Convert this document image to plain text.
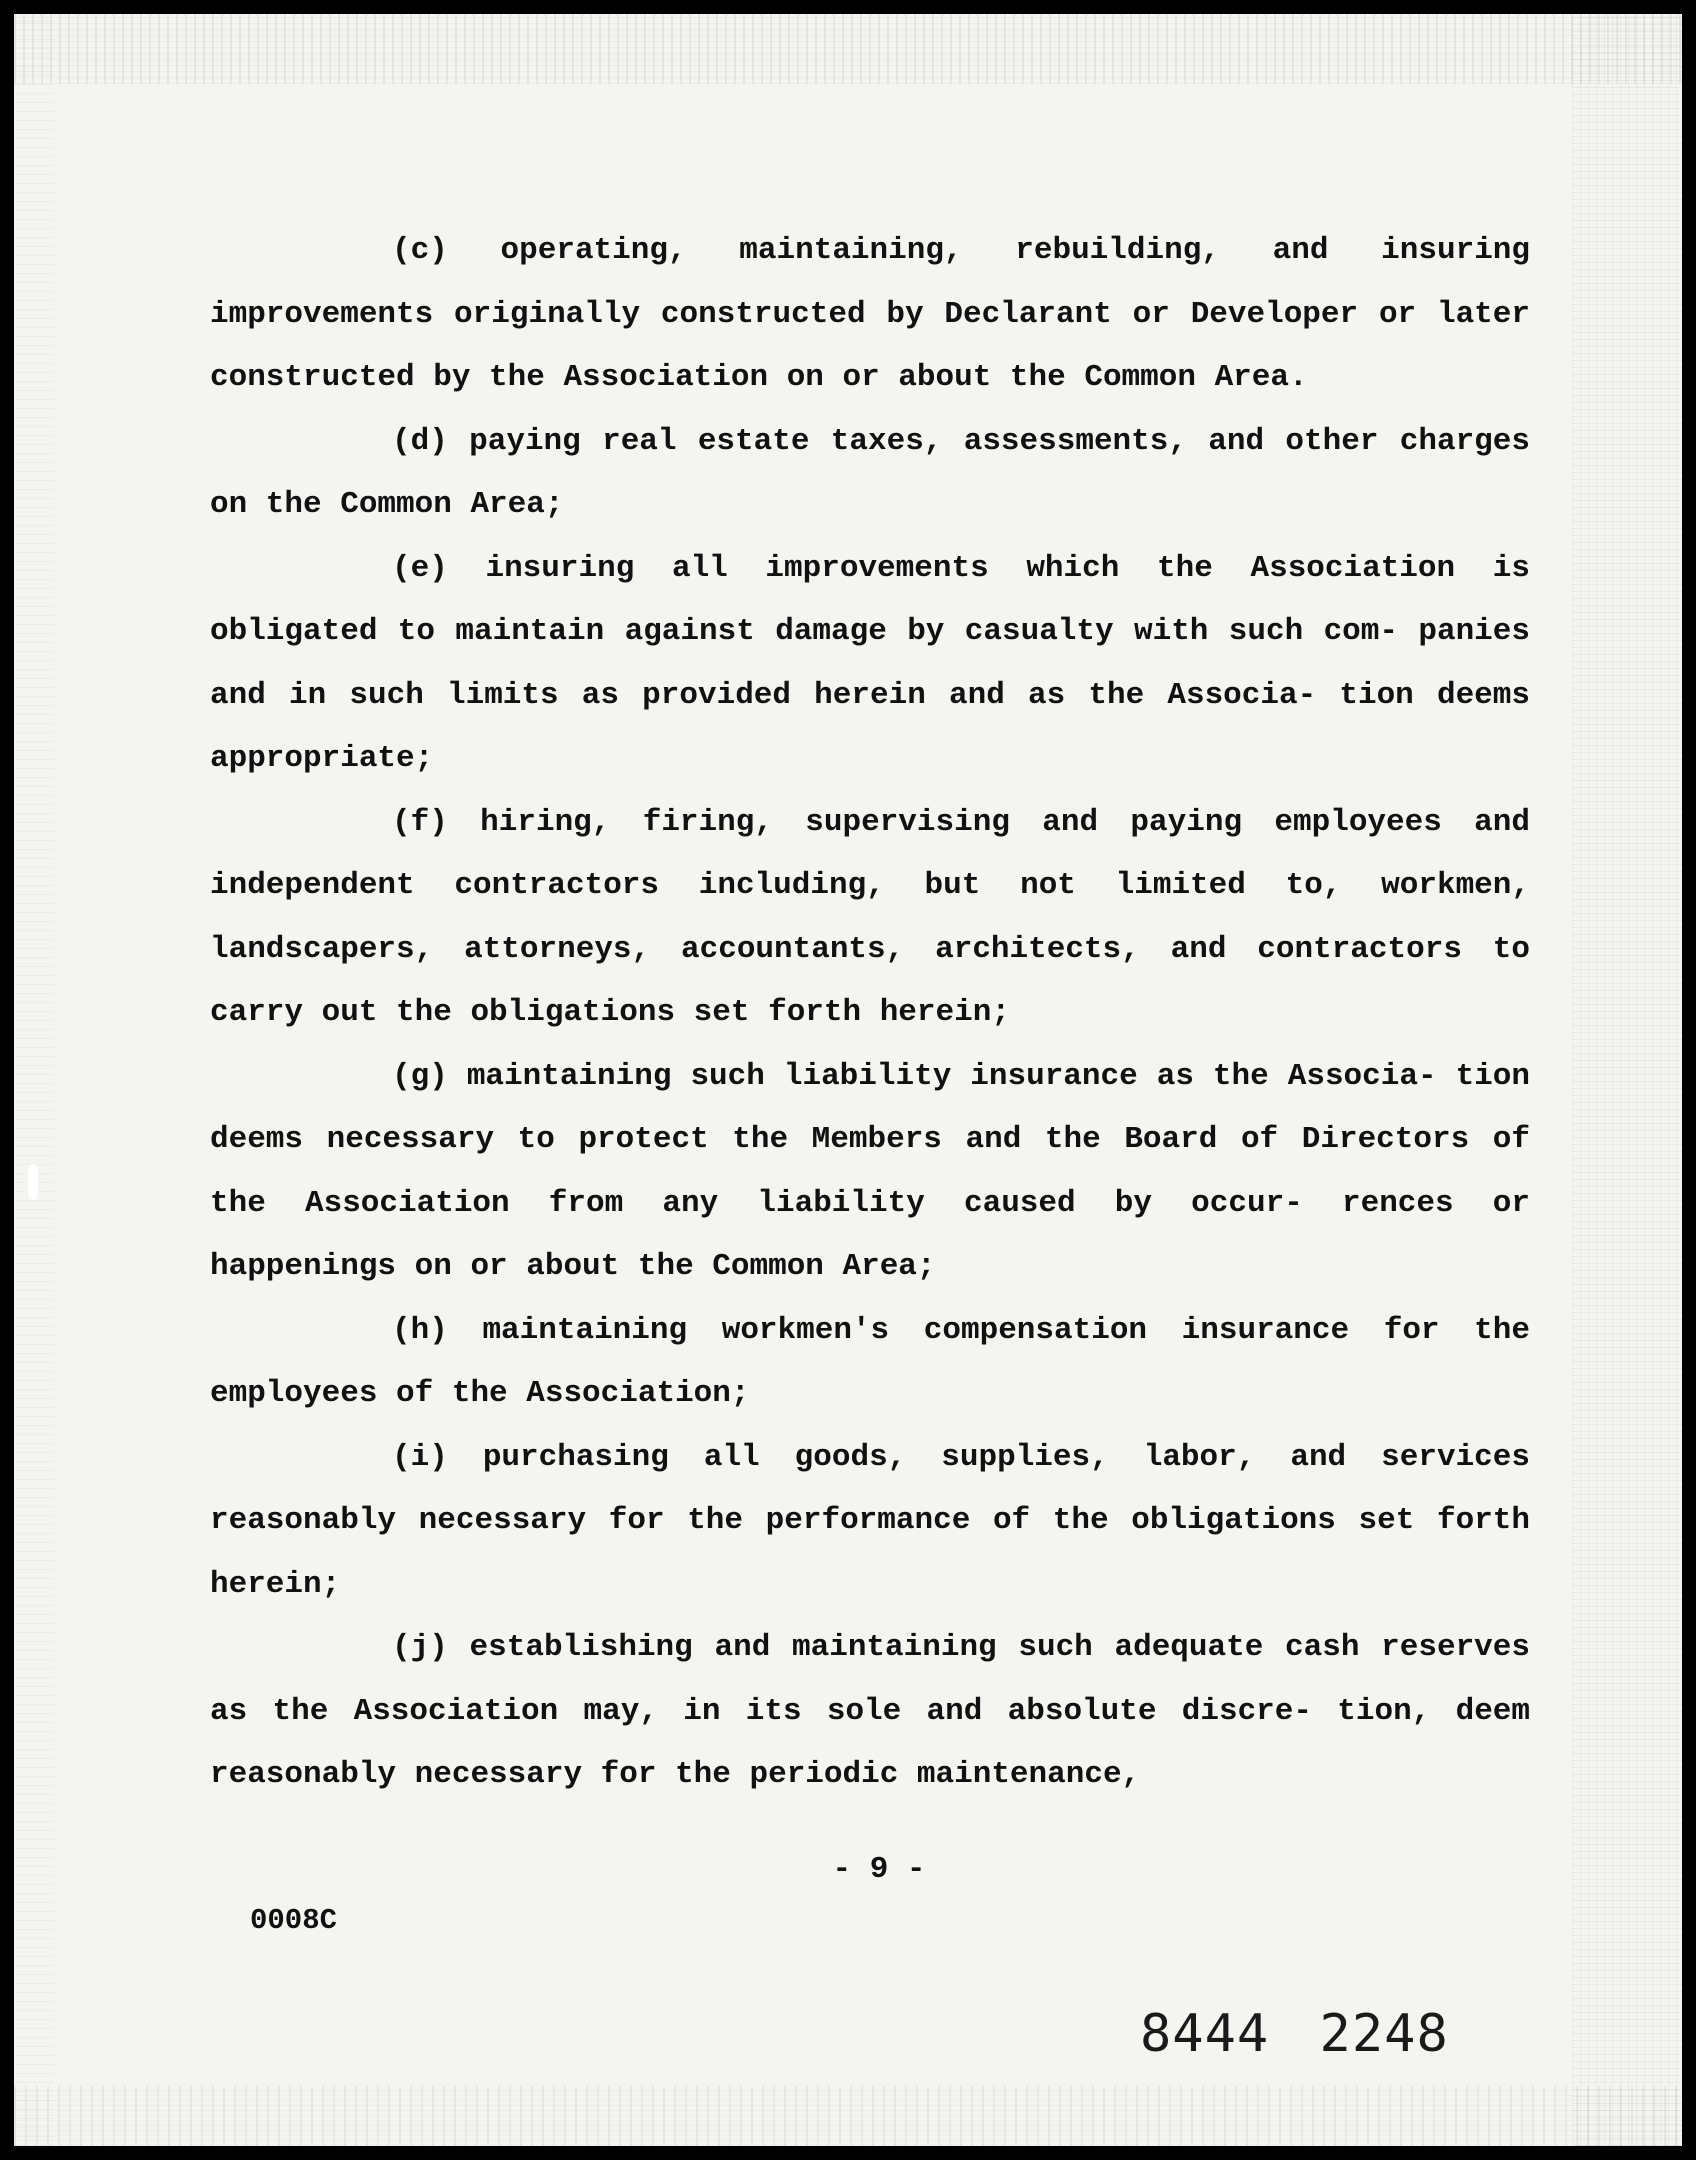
(c) operating, maintaining, rebuilding, and insuring improvements originally constructed by Declarant or Developer or later constructed by the Association on or about the Common Area.

(d) paying real estate taxes, assessments, and other charges on the Common Area;

(e) insuring all improvements which the Association is obligated to maintain against damage by casualty with such com- panies and in such limits as provided herein and as the Associa- tion deems appropriate;

(f) hiring, firing, supervising and paying employees and independent contractors including, but not limited to, workmen, landscapers, attorneys, accountants, architects, and contractors to carry out the obligations set forth herein;

(g) maintaining such liability insurance as the Associa- tion deems necessary to protect the Members and the Board of Directors of the Association from any liability caused by occur- rences or happenings on or about the Common Area;

(h) maintaining workmen's compensation insurance for the employees of the Association;

(i) purchasing all goods, supplies, labor, and services reasonably necessary for the performance of the obligations set forth herein;

(j) establishing and maintaining such adequate cash reserves as the Association may, in its sole and absolute discre- tion, deem reasonably necessary for the periodic maintenance,

- 9 -
0008C
8444 2248
